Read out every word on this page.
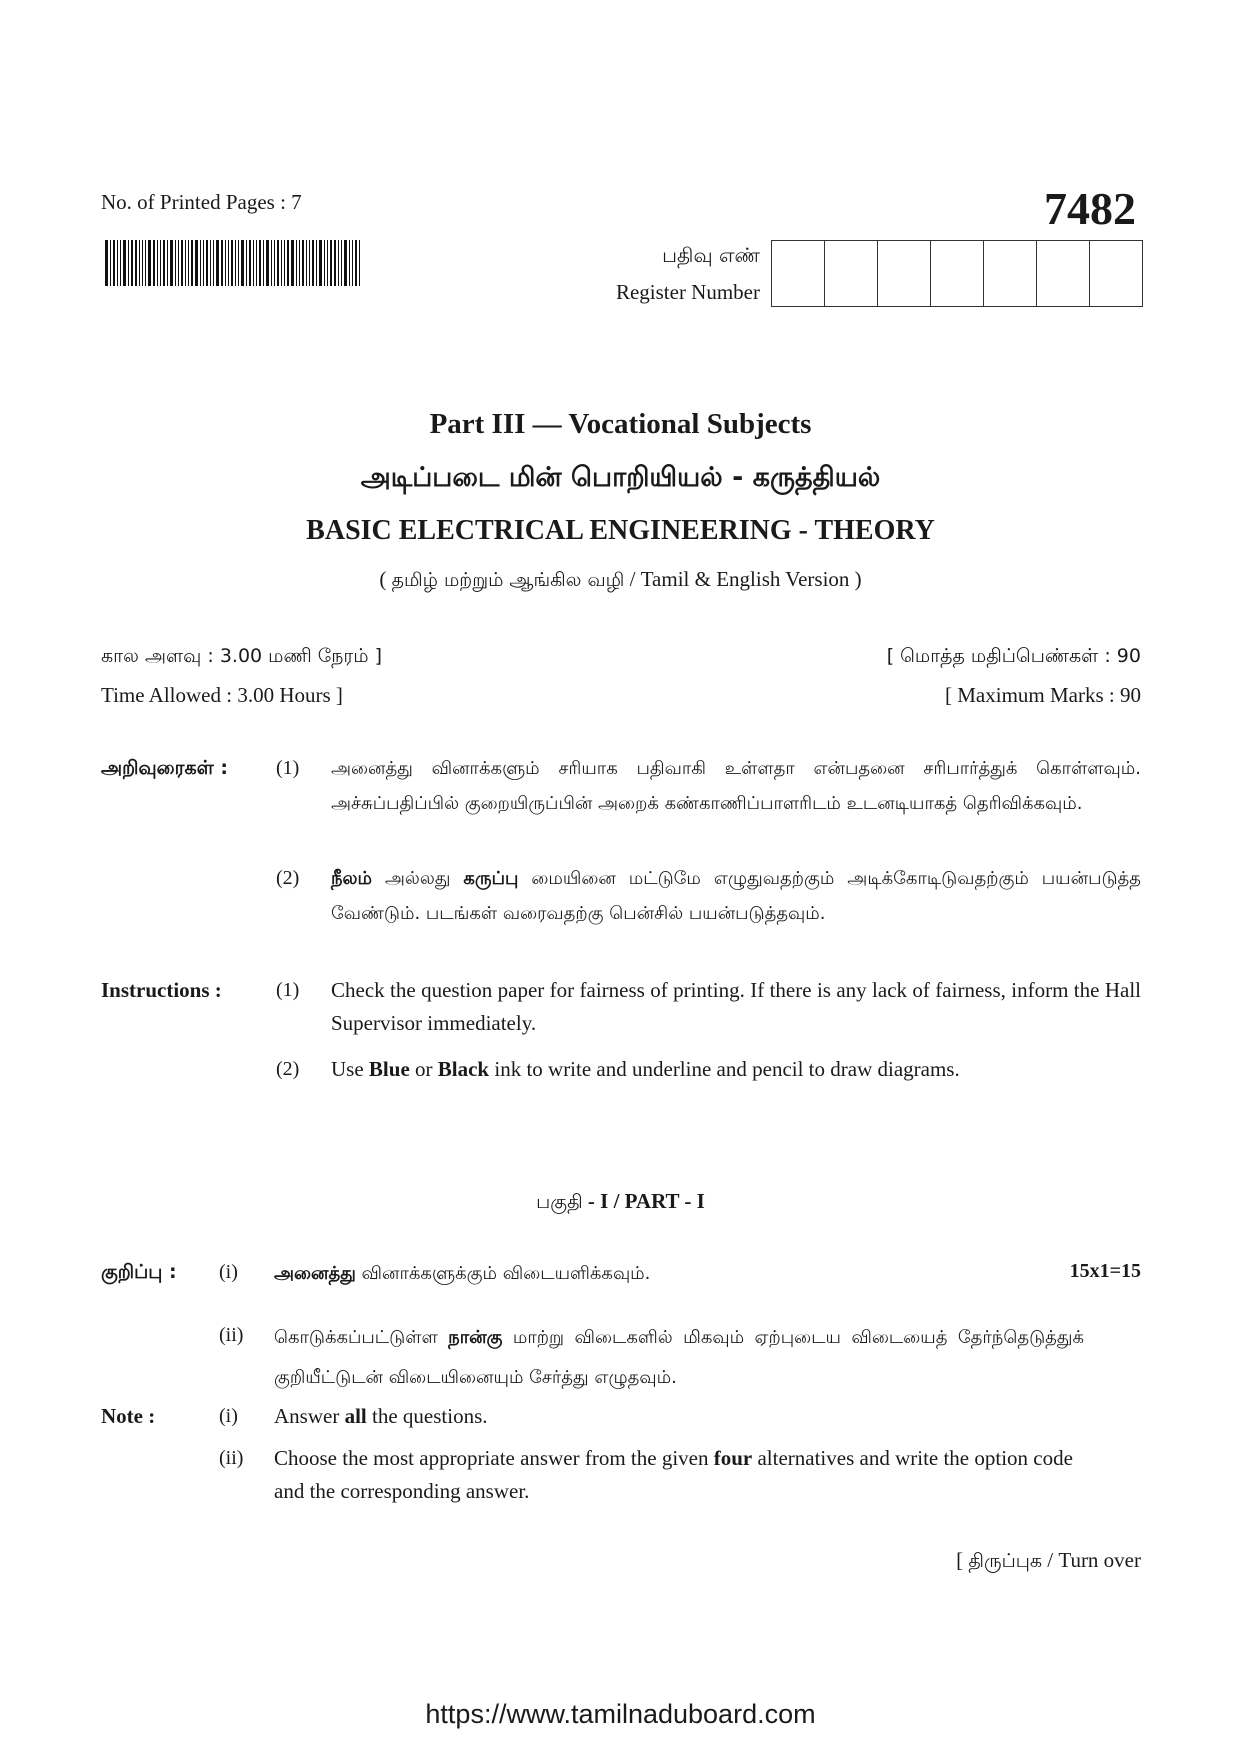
No. of Printed Pages : 7	7482
பதிவு எண்
Register Number
Part III — Vocational Subjects
அடிப்படை மின் பொறியியல் - கருத்தியல்
BASIC ELECTRICAL ENGINEERING - THEORY
( தமிழ் மற்றும் ஆங்கில வழி / Tamil & English Version )
கால அளவு : 3.00 மணி நேரம் ]
Time Allowed : 3.00 Hours ]
[ மொத்த மதிப்பெண்கள் : 90
[ Maximum Marks : 90
அறிவுரைகள் : (1) அனைத்து வினாக்களும் சரியாக பதிவாகி உள்ளதா என்பதனை சரிபார்த்துக் கொள்ளவும். அச்சுப்பதிப்பில் குறையிருப்பின் அறைக் கண்காணிப்பாளரிடம் உடனடியாகத் தெரிவிக்கவும்.
(2) நீலம் அல்லது கருப்பு மையினை மட்டுமே எழுதுவதற்கும் அடிக்கோடிடுவதற்கும் பயன்படுத்த வேண்டும். படங்கள் வரைவதற்கு பென்சில் பயன்படுத்தவும்.
Instructions :	(1) Check the question paper for fairness of printing. If there is any lack of fairness, inform the Hall Supervisor immediately.
(2) Use Blue or Black ink to write and underline and pencil to draw diagrams.
பகுதி - I / PART - I
குறிப்பு : (i) அனைத்து வினாக்களுக்கும் விடையளிக்கவும்.	15x1=15
(ii) கொடுக்கப்பட்டுள்ள நான்கு மாற்று விடைகளில் மிகவும் ஏற்புடைய விடையைத் தேர்ந்தெடுத்துக் குறியீட்டுடன் விடையினையும் சேர்த்து எழுதவும்.
Note :	(i) Answer all the questions.
(ii) Choose the most appropriate answer from the given four alternatives and write the option code and the corresponding answer.
[ திருப்புக / Turn over
https://www.tamilnaduboard.com
